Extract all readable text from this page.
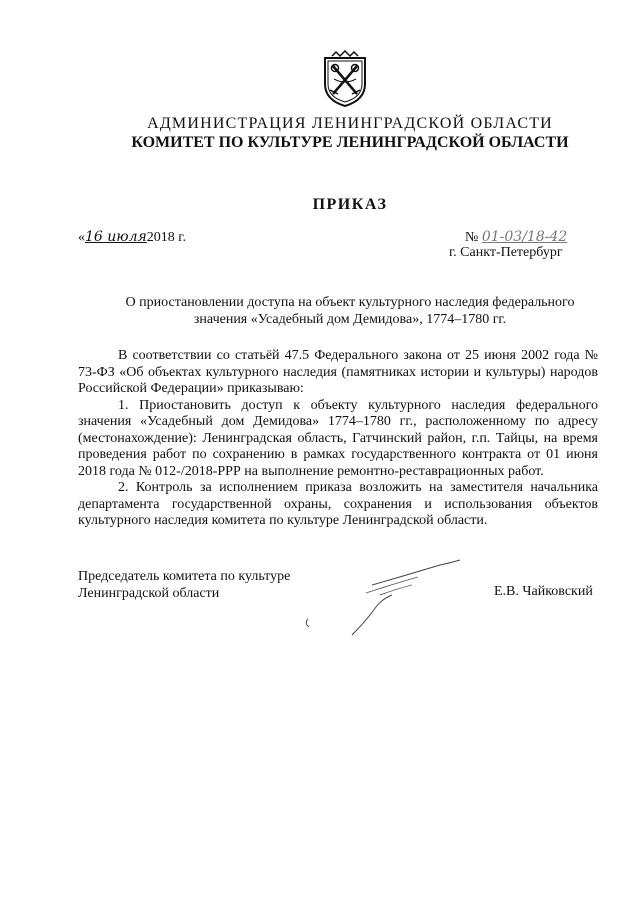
АДМИНИСТРАЦИЯ ЛЕНИНГРАДСКОЙ ОБЛАСТИ
КОМИТЕТ ПО КУЛЬТУРЕ ЛЕНИНГРАДСКОЙ ОБЛАСТИ
ПРИКАЗ
«16 июля2018 г.	№ 01-03/18-42
г. Санкт-Петербург
О приостановлении доступа на объект культурного наследия федерального
значения «Усадебный дом Демидова», 1774–1780 гг.

В соответствии со статьёй 47.5 Федерального закона от 25 июня 2002 года № 73-ФЗ «Об объектах культурного наследия (памятниках истории и культуры) народов Российской Федерации» приказываю:

1. Приостановить доступ к объекту культурного наследия федерального значения «Усадебный дом Демидова» 1774–1780 гг., расположенному по адресу (местонахождение): Ленинградская область, Гатчинский район, г.п. Тайцы, на время проведения работ по сохранению в рамках государственного контракта от 01 июня 2018 года № 012-/2018-РРР на выполнение ремонтно-реставрационных работ.

2. Контроль за исполнением приказа возложить на заместителя начальника департамента государственной охраны, сохранения и использования объектов культурного наследия комитета по культуре Ленинградской области.

Председатель комитета по культуре
Ленинградской области	Е.В. Чайковский
